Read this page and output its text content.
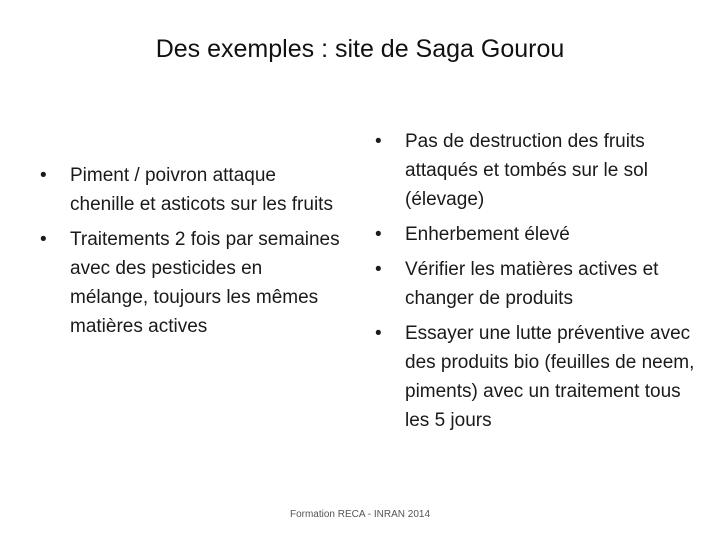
Des exemples : site de Saga Gourou
•	Piment / poivron attaque chenille et asticots sur les fruits
•	Traitements 2 fois par semaines avec des pesticides en mélange, toujours les mêmes matières actives
•	Pas de destruction des fruits attaqués et tombés sur le sol (élevage)
•	Enherbement élevé
•	Vérifier les matières actives et changer de produits
•	Essayer une lutte préventive avec des produits bio (feuilles de neem, piments) avec un traitement tous les 5 jours
Formation RECA - INRAN 2014
